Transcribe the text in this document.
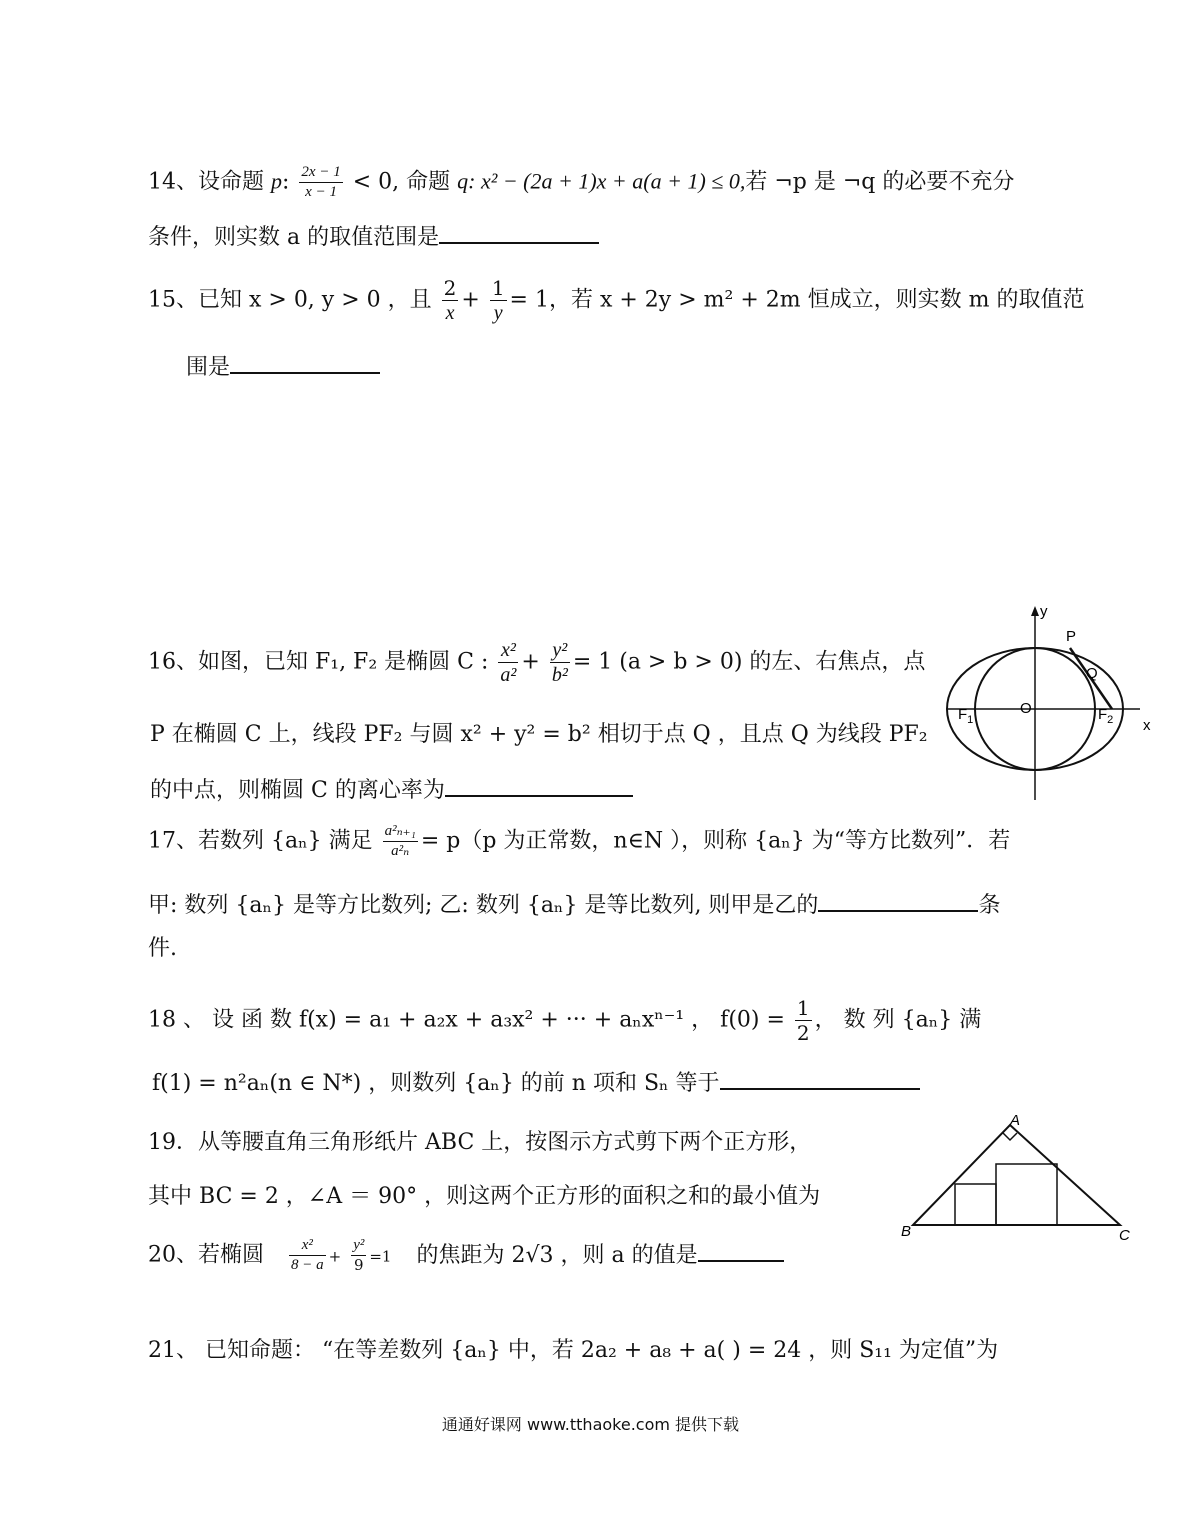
14、设命题 p: $\frac{2x - 1}{x - 1} < 0$, 命题 q: x² − (2a + 1)x + a(a + 1) ≤ 0,若 ¬p 是 ¬q 的必要不充分
条件，则实数 a 的取值范围是
15、已知 x > 0, y > 0 ，且 $\frac{2}{x} + \frac{1}{y} = 1$，若 x + 2y > m² + 2m 恒成立，则实数 m 的取值范
围是
16、如图，已知 F₁, F₂ 是椭圆 C : $\frac{\text{x²}}{\text{a²}} + \frac{\text{y²}}{\text{b²}} = 1$ (a > b > 0) 的左、右焦点，点
P 在椭圆 C 上，线段 PF₂ 与圆 x² + y² = b² 相切于点 Q ，且点 Q 为线段 PF₂
的中点，则椭圆 C 的离心率为
y
x
P
Q
O
$F_1$	$F_2$
17、若数列 {aₙ} 满足 $\frac{\text{a²ₙ₊₁}}{\text{a²ₙ}} = p(p$ 为正常数，n∈N ），则称 {aₙ} 为“等方比数列”．若
甲: 数列 {aₙ} 是等方比数列; 乙: 数列 {aₙ} 是等比数列, 则甲是乙的	条
件.
18 、 设 函 数 f(x) = a₁ + a₂x + a₃x² + ··· + aₙxⁿ⁻¹ ， $f(0) = \frac{1}{2}$ ， 数 列 {aₙ} 满
f(1) = n²aₙ(n ∈ N*) ，则数列 {aₙ} 的前 n 项和 Sₙ 等于
19．从等腰直角三角形纸片 ABC 上，按图示方式剪下两个正方形，
其中 BC = 2 ，∠A ＝ 90° ，则这两个正方形的面积之和的最小值为
A
B	C
20、若椭圆 $\frac{\text{x²}}{8 - a} + \frac{\text{y²}}{9} =1$ 的焦距为 2√3 ，则 a 的值是
21、 已知命题： “在等差数列 {aₙ} 中，若 2a₂ + a₈ + a( ) = 24 ，则 S₁₁ 为定值”为
通通好课网 www.tthaoke.com 提供下载
